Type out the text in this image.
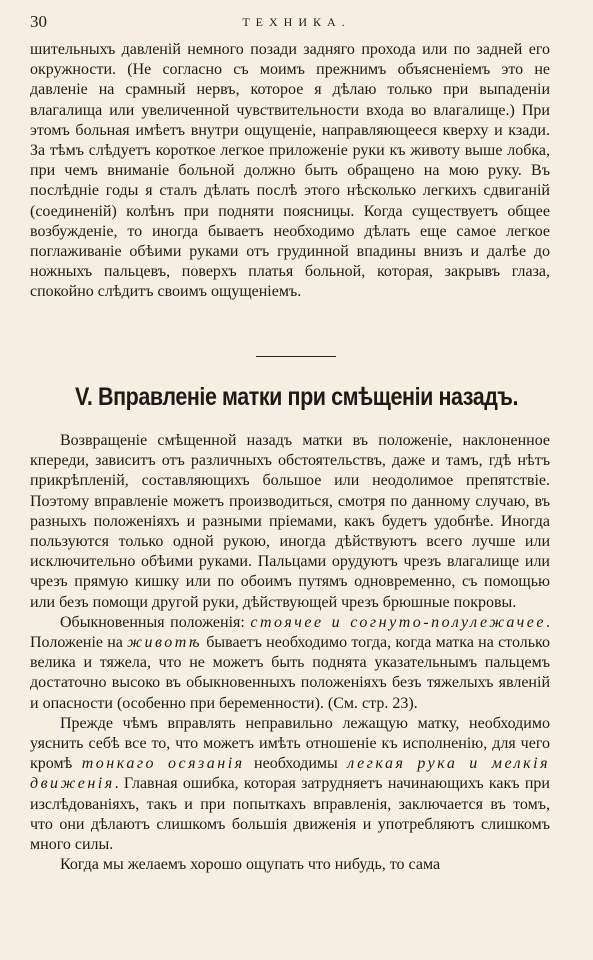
30	ТЕХНИКА.

шительныхъ давленій немного позади задняго прохода или по задней его окружности. (Не согласно съ моимъ прежнимъ объясненіемъ это не давленіе на срамный нервъ, которое я дѣлаю только при выпаденіи влагалища или увеличенной чувствительности входа во влагалище.) При этомъ больная имѣетъ внутри ощущеніе, направляющееся кверху и кзади. За тѣмъ слѣдуетъ короткое легкое приложеніе руки къ животу выше лобка, при чемъ вниманіе больной должно быть обращено на мою руку. Въ послѣдніе годы я сталъ дѣлать послѣ этого нѣсколько легкихъ сдвиганій (соединеній) колѣнъ при подняти поясницы. Когда существуетъ общее возбужденіе, то иногда бываетъ необходимо дѣлать еще самое легкое поглаживаніе обѣими руками отъ грудинной впадины внизъ и далѣе до ножныхъ пальцевъ, поверхъ платья больной, которая, закрывъ глаза, спокойно слѣдитъ своимъ ощущеніемъ.

V. Вправленіе матки при смѣщеніи назадъ.

Возвращеніе смѣщенной назадъ матки въ положеніе, наклоненное кпереди, зависитъ отъ различныхъ обстоятельствъ, даже и тамъ, гдѣ нѣтъ прикрѣпленій, составляющихъ большое или неодолимое препятствіе. Поэтому вправленіе можетъ производиться, смотря по данному случаю, въ разныхъ положеніяхъ и разными пріемами, какъ будетъ удобнѣе. Иногда пользуются только одной рукою, иногда дѣйствуютъ всего лучше или исключительно обѣими руками. Пальцами орудуютъ чрезъ влагалище или чрезъ прямую кишку или по обоимъ путямъ одновременно, съ помощью или безъ помощи другой руки, дѣйствующей чрезъ брюшные покровы.

Обыкновенныя положенія: стоячее и согнуто-полулежачее. Положеніе на животѣ бываетъ необходимо тогда, когда матка на столько велика и тяжела, что не можетъ быть поднята указательнымъ пальцемъ достаточно высоко въ обыкновенныхъ положеніяхъ безъ тяжелыхъ явленій и опасности (особенно при беременности). (См. стр. 23).

Прежде чѣмъ вправлять неправильно лежащую матку, необходимо уяснить себѣ все то, что можетъ имѣть отношеніе къ исполненію, для чего кромѣ тонкаго осязанія необходимы легкая рука и мелкія движенія. Главная ошибка, которая затрудняетъ начинающихъ какъ при изслѣдованіяхъ, такъ и при попыткахъ вправленія, заключается въ томъ, что они дѣлаютъ слишкомъ большія движенія и употребляютъ слишкомъ много силы.

Когда мы желаемъ хорошо ощупать что нибудь, то сама
